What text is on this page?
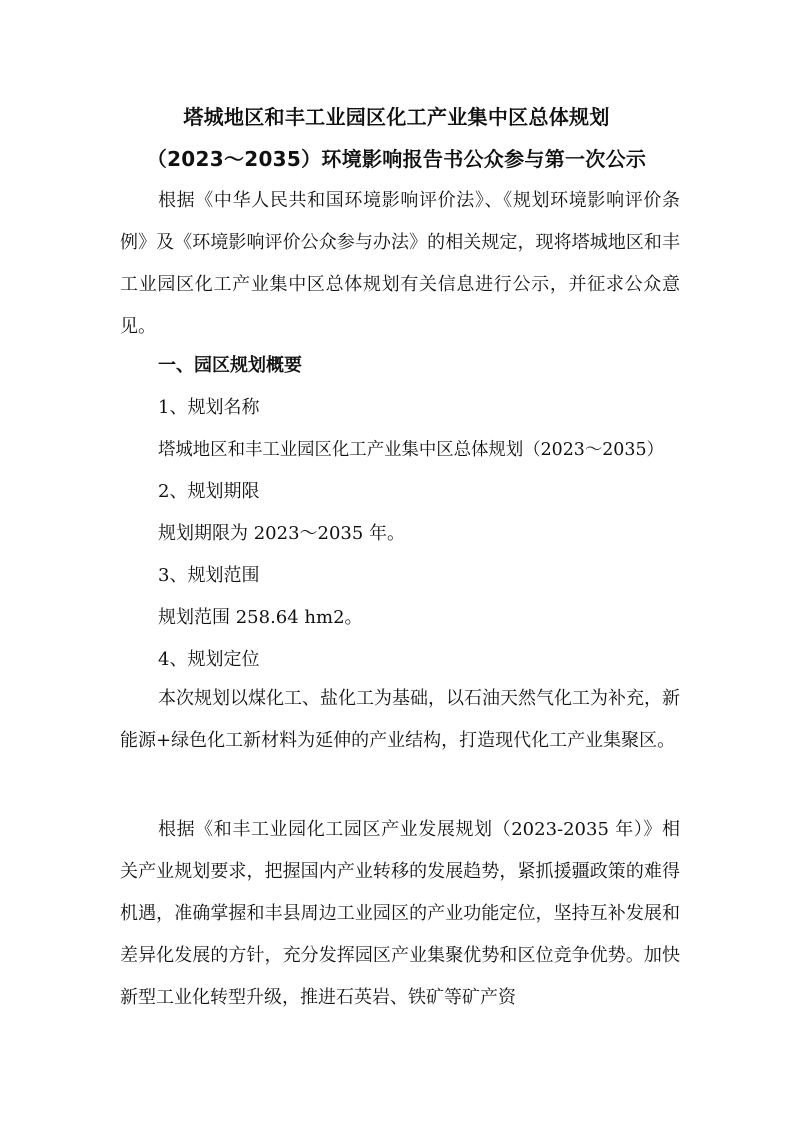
塔城地区和丰工业园区化工产业集中区总体规划
（2023～2035）环境影响报告书公众参与第一次公示

根据《中华人民共和国环境影响评价法》、《规划环境影响评价条例》及《环境影响评价公众参与办法》的相关规定，现将塔城地区和丰工业园区化工产业集中区总体规划有关信息进行公示，并征求公众意见。

一、园区规划概要
1、规划名称
塔城地区和丰工业园区化工产业集中区总体规划（2023～2035）
2、规划期限
规划期限为 2023～2035 年。
3、规划范围
规划范围 258.64 hm2。
4、规划定位

本次规划以煤化工、盐化工为基础，以石油天然气化工为补充，新能源+绿色化工新材料为延伸的产业结构，打造现代化工产业集聚区。

根据《和丰工业园化工园区产业发展规划（2023-2035 年）》相关产业规划要求，把握国内产业转移的发展趋势，紧抓援疆政策的难得机遇，准确掌握和丰县周边工业园区的产业功能定位，坚持互补发展和差异化发展的方针，充分发挥园区产业集聚优势和区位竞争优势。加快新型工业化转型升级，推进石英岩、铁矿等矿产资
